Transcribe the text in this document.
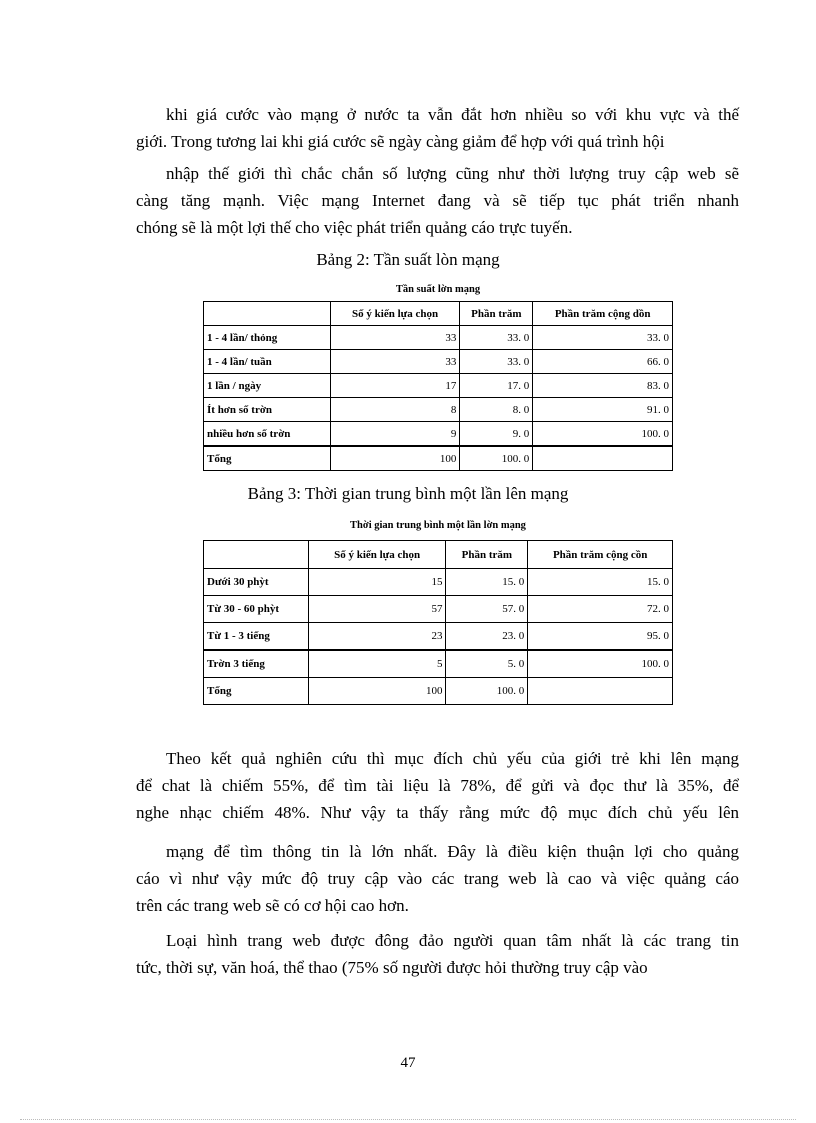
khi giá cước vào mạng ở nước ta vẫn đắt hơn nhiều so với khu vực và thế
giới. Trong tương lai khi giá cước sẽ ngày càng giảm để hợp với quá trình hội
nhập thế giới thì chắc chắn số lượng cũng như thời lượng truy cập web sẽ
càng tăng mạnh. Việc mạng Internet đang và sẽ tiếp tục phát triển nhanh
chóng sẽ là một lợi thế cho việc phát triển quảng cáo trực tuyến.

Bảng 2: Tần suất lòn mạng

Tần suất lờn mạng

	Số ý kiến lựa chọn	Phần trăm	Phần trăm cộng dồn
1 - 4 lần/ thỏng	33	33. 0	33. 0
1 - 4 lần/ tuần	33	33. 0	66. 0
1 lần / ngày	17	17. 0	83. 0
Ít hơn số trờn	8	8. 0	91. 0
nhiều hơn số trờn	9	9. 0	100. 0
Tổng	100	100. 0	

Bảng 3: Thời gian trung bình một lần lên mạng

Thời gian trung bình một lần lờn mạng

	Số ý kiến lựa chọn	Phần trăm	Phần trăm cộng cồn
Dưới 30 phỳt	15	15. 0	15. 0
Từ 30 - 60 phỳt	57	57. 0	72. 0
Từ 1 - 3 tiếng	23	23. 0	95. 0
Trờn 3 tiếng	5	5. 0	100. 0
Tổng	100	100. 0	
Theo kết quả nghiên cứu thì mục đích chủ yếu của giới trẻ khi lên mạng
để chat là chiếm 55%, để tìm tài liệu là 78%, để gửi và đọc thư là 35%, để
nghe nhạc chiếm 48%. Như vậy ta thấy rằng mức độ mục đích chủ yếu lên
mạng để tìm thông tin là lớn nhất. Đây là điều kiện thuận lợi cho quảng
cáo vì như vậy mức độ truy cập vào các trang web là cao và việc quảng cáo
trên các trang web sẽ có cơ hội cao hơn.
Loại hình trang web được đông đảo người quan tâm nhất là các trang tin
tức, thời sự, văn hoá, thể thao (75% số người được hỏi thường truy cập vào

47
